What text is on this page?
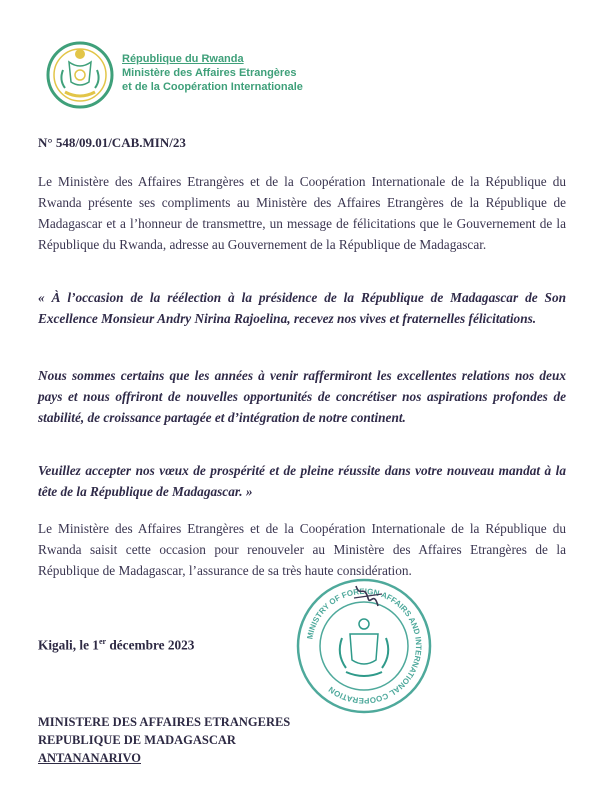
République du Rwanda
Ministère des Affaires Etrangères
et de la Coopération Internationale
N° 548/09.01/CAB.MIN/23
Le Ministère des Affaires Etrangères et de la Coopération Internationale de la République du Rwanda présente ses compliments au Ministère des Affaires Etrangères de la République de Madagascar et a l’honneur de transmettre, un message de félicitations que le Gouvernement de la République du Rwanda, adresse au Gouvernement de la République de Madagascar.
« À l’occasion de la réélection à la présidence de la République de Madagascar de Son Excellence Monsieur Andry Nirina Rajoelina, recevez nos vives et fraternelles félicitations.
Nous sommes certains que les années à venir raffermiront les excellentes relations nos deux pays et nous offriront de nouvelles opportunités de concrétiser nos aspirations profondes de stabilité, de croissance partagée et d’intégration de notre continent.
Veuillez accepter nos vœux de prospérité et de pleine réussite dans votre nouveau mandat à la tête de la République de Madagascar. »
Le Ministère des Affaires Etrangères et de la Coopération Internationale de la République du Rwanda saisit cette occasion pour renouveler au Ministère des Affaires Etrangères de la République de Madagascar, l’assurance de sa très haute considération.
Kigali, le 1er décembre 2023
MINISTRY OF FOREIGN AFFAIRS AND INTERNATIONAL COOPERATION
MINISTERE DES AFFAIRES ETRANGERES
REPUBLIQUE DE MADAGASCAR
ANTANANARIVO
